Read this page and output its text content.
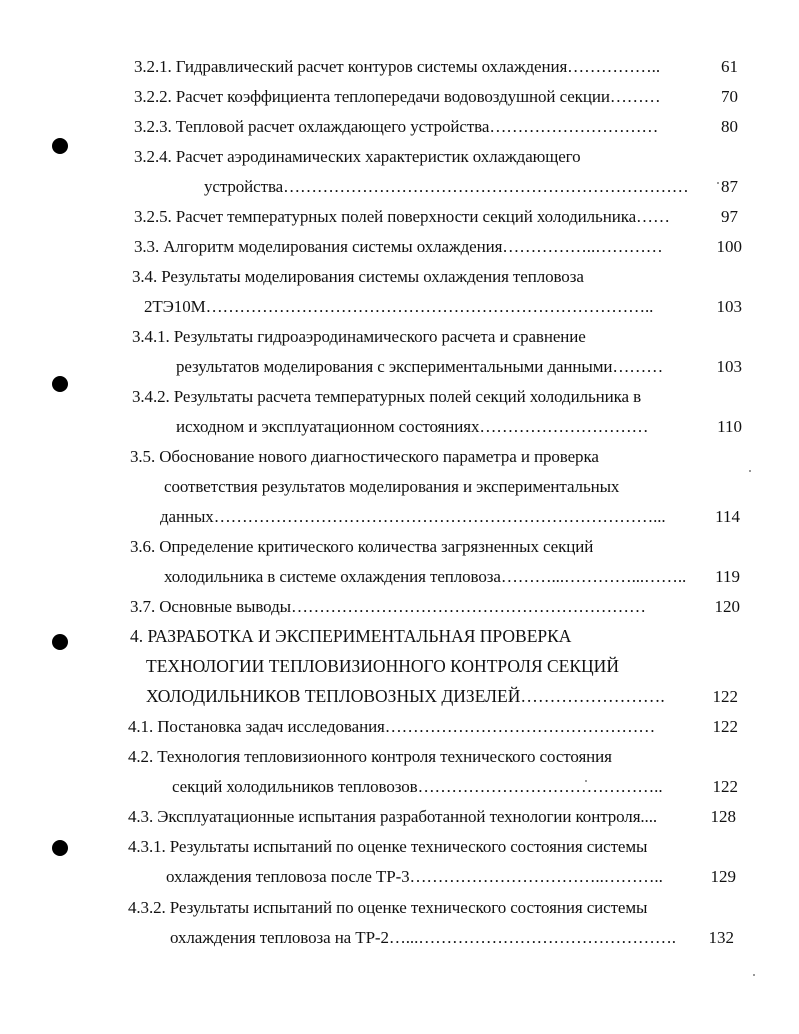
3.2.1. Гидравлический расчет контуров системы охлаждения……………..	61
3.2.2. Расчет коэффициента теплопередачи водовоздушной секции………	70
3.2.3. Тепловой расчет охлаждающего устройства…………………………	80
3.2.4. Расчет аэродинамических характеристик охлаждающего
устройства………………………………………………………………	87
3.2.5. Расчет температурных полей поверхности секций холодильника……	97
3.3. Алгоритм моделирования системы охлаждения……………..…………	100
3.4. Результаты моделирования системы охлаждения тепловоза
2ТЭ10М……………………………………………………………………..	103
3.4.1. Результаты гидроаэродинамического расчета и сравнение
результатов моделирования с экспериментальными данными………	103
3.4.2. Результаты расчета температурных полей секций холодильника в
исходном и эксплуатационном состояниях…………………………	110
3.5. Обоснование нового диагностического параметра и проверка
соответствия результатов моделирования и экспериментальных
данных……………………………………………………………………...	114
3.6. Определение критического количества загрязненных секций
холодильника в системе охлаждения тепловоза………...…………...……..	119
3.7. Основные выводы………………………………………………………	120
4. РАЗРАБОТКА И ЭКСПЕРИМЕНТАЛЬНАЯ ПРОВЕРКА
ТЕХНОЛОГИИ ТЕПЛОВИЗИОННОГО КОНТРОЛЯ СЕКЦИЙ
ХОЛОДИЛЬНИКОВ ТЕПЛОВОЗНЫХ ДИЗЕЛЕЙ…………………….	122
4.1. Постановка задач исследования…………………………………………	122
4.2. Технология тепловизионного контроля технического состояния
секций холодильников тепловозов……………………………………..	122
4.3. Эксплуатационные испытания разработанной технологии контроля....	128
4.3.1. Результаты испытаний по оценке технического состояния системы
охлаждения тепловоза после ТР-3……………………………..………..	129
4.3.2. Результаты испытаний по оценке технического состояния системы
охлаждения тепловоза на ТР-2…...……………………………………….	132
